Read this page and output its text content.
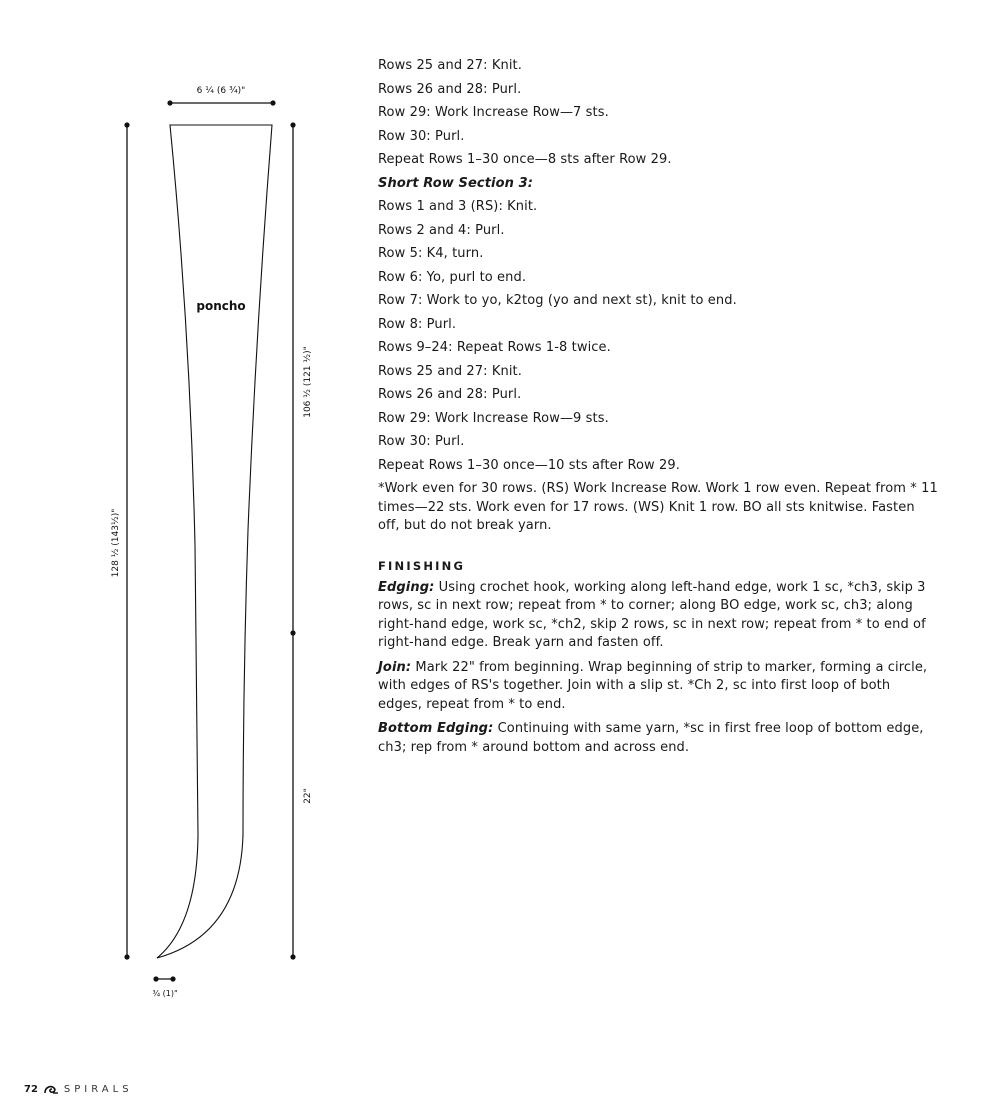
6 ¼ (6 ¾)"
poncho
128 ½ (143½)"
106 ½ (121 ½)"
22"
¾ (1)"

Rows 25 and 27: Knit.

Rows 26 and 28: Purl.

Row 29: Work Increase Row—7 sts.

Row 30: Purl.

Repeat Rows 1–30 once—8 sts after Row 29.

Short Row Section 3:

Rows 1 and 3 (RS): Knit.

Rows 2 and 4: Purl.

Row 5: K4, turn.

Row 6: Yo, purl to end.

Row 7: Work to yo, k2tog (yo and next st), knit to end.

Row 8: Purl.

Rows 9–24: Repeat Rows 1-8 twice.

Rows 25 and 27: Knit.

Rows 26 and 28: Purl.

Row 29: Work Increase Row—9 sts.

Row 30: Purl.

Repeat Rows 1–30 once—10 sts after Row 29.

*Work even for 30 rows. (RS) Work Increase Row. Work 1 row even. Repeat from * 11 times—22 sts. Work even for 17 rows. (WS) Knit 1 row. BO all sts knitwise. Fasten off, but do not break yarn.

FINISHING

Edging: Using crochet hook, working along left-hand edge, work 1 sc, *ch3, skip 3 rows, sc in next row; repeat from * to corner; along BO edge, work sc, ch3; along right-hand edge, work sc, *ch2, skip 2 rows, sc in next row; repeat from * to end of right-hand edge. Break yarn and fasten off.

Join: Mark 22" from beginning. Wrap beginning of strip to marker, forming a circle, with edges of RS's together. Join with a slip st. *Ch 2, sc into first loop of both edges, repeat from * to end.

Bottom Edging: Continuing with same yarn, *sc in first free loop of bottom edge, ch3; rep from * around bottom and across end.

72	SPIRALS
